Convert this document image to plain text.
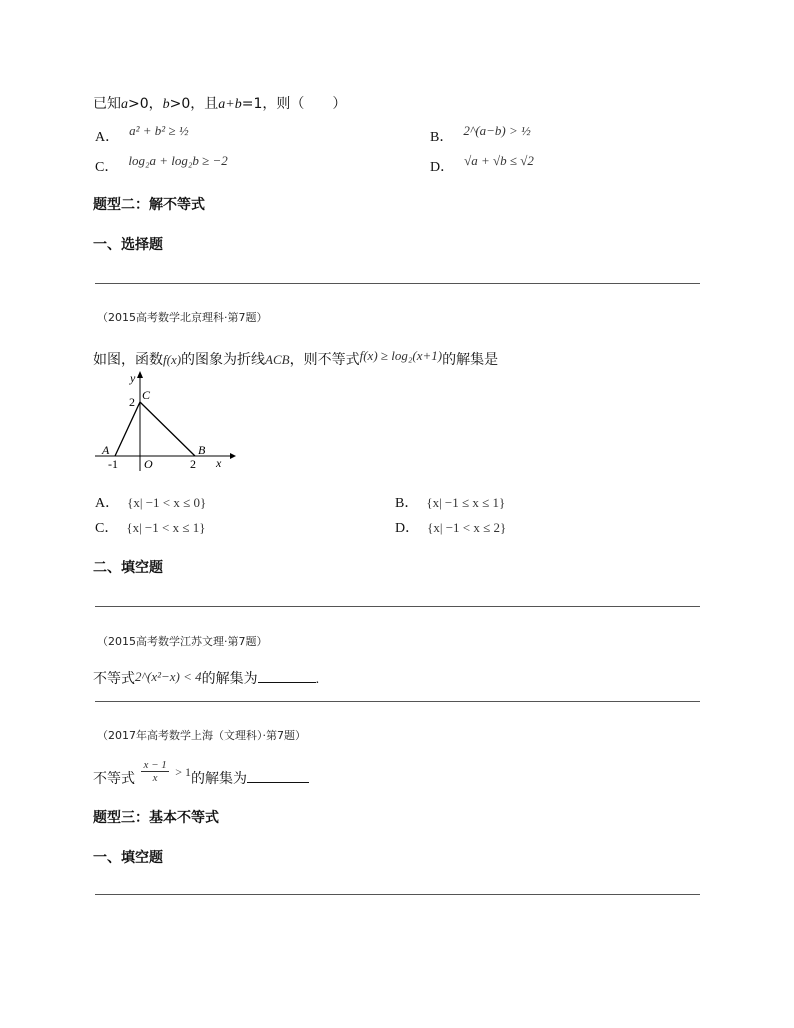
已知a>0，b>0，且a+b=1，则（　　）
A． $^{a^2 + b^2 \ge \frac{1}{2}}$	B． $^{2\^{}(a-b) > \frac{1}{2}}$
C． $^{log_2a + log_2b \ge -2}$	D． $^{√a + √b \le √2}$
题型二：解不等式
一、选择题
（2015高考数学北京理科·第7题）
如图，函数f(x)的图象为折线ACB，则不等式f(x) ≥ log₂(x+1)的解集是
y
x
A
C
B
-1	2
2
O
A． {x| −1 < x ≤ 0}	B． {x| −1 ≤ x ≤ 1}
C． {x| −1 < x ≤ 1}	D． {x| −1 < x ≤ 2}
二、填空题
（2015高考数学江苏文理·第7题）
不等式2^(x²−x) < 4的解集为	.
（2017年高考数学上海（文理科）·第7题）
不等式 $\frac{x - 1}{x} > 1$的解集为
题型三：基本不等式
一、填空题
